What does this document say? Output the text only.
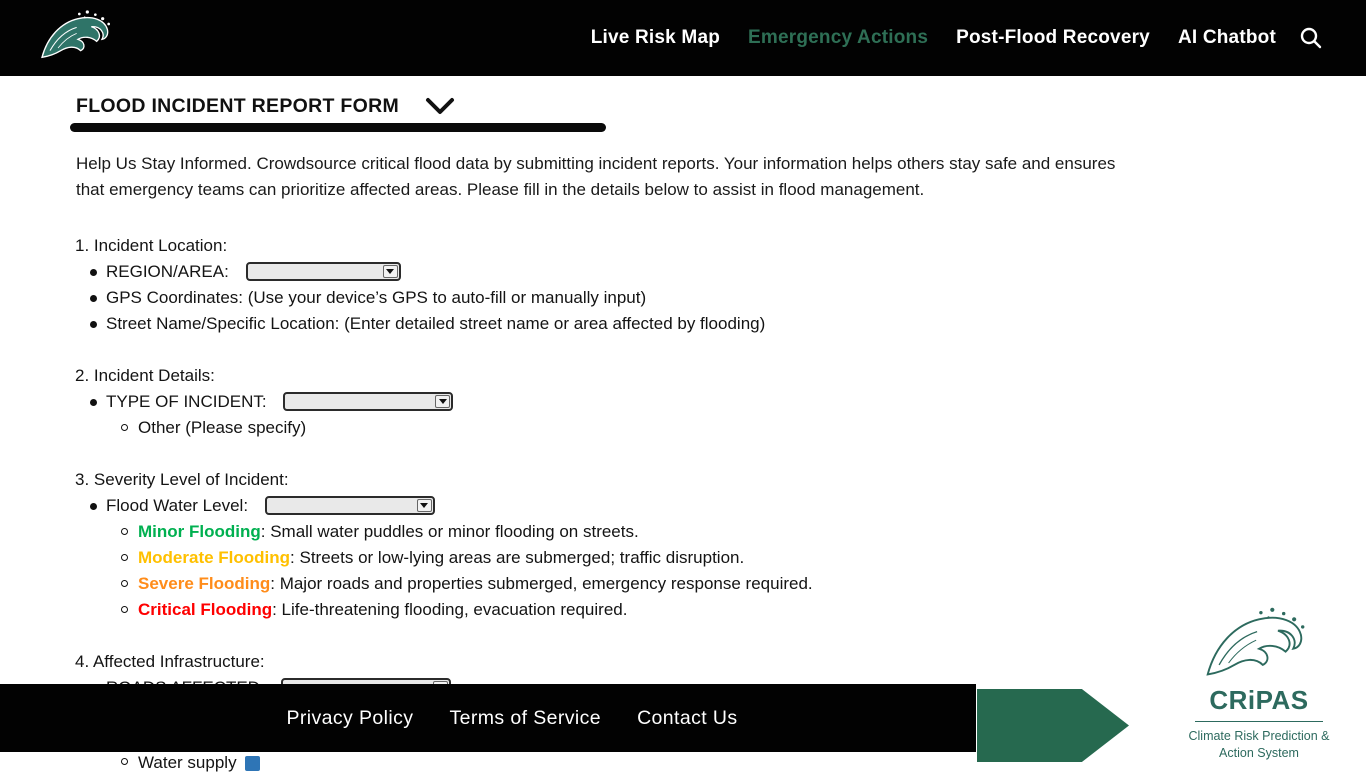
Live Risk Map Emergency Actions Post-Flood Recovery AI Chatbot
FLOOD INCIDENT REPORT FORM
Help Us Stay Informed. Crowdsource critical flood data by submitting incident reports. Your information helps others stay safe and ensures
that emergency teams can prioritize affected areas. Please fill in the details below to assist in flood management.
1. Incident Location:
REGION/AREA:
GPS Coordinates: (Use your device’s GPS to auto-fill or manually input)
Street Name/Specific Location: (Enter detailed street name or area affected by flooding)
2. Incident Details:
TYPE OF INCIDENT:
Other (Please specify)
3. Severity Level of Incident:
Flood Water Level:
Minor Flooding: Small water puddles or minor flooding on streets.
Moderate Flooding: Streets or low-lying areas are submerged; traffic disruption.
Severe Flooding: Major roads and properties submerged, emergency response required.
Critical Flooding: Life-threatening flooding, evacuation required.
4. Affected Infrastructure:
Water supply
Privacy Policy Terms of Service Contact Us
CRiPAS
Climate Risk Prediction & Action System
